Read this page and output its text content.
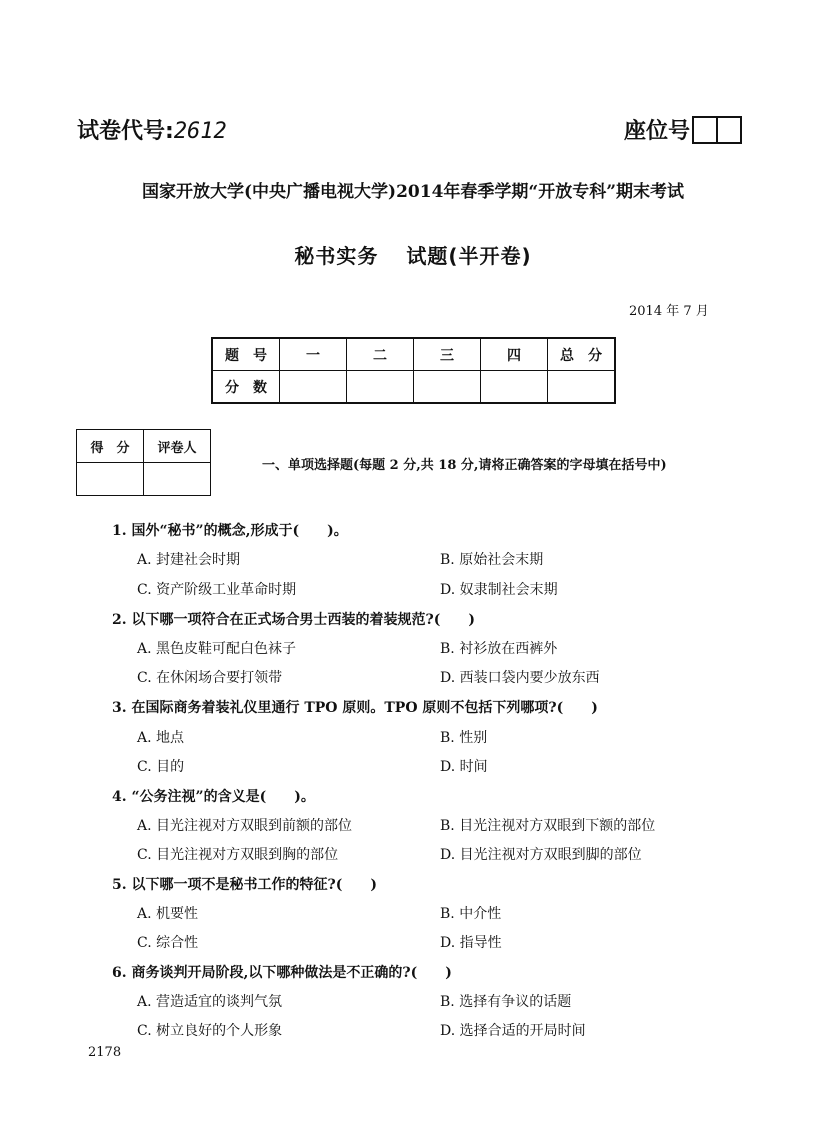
试卷代号:2612	座位号
国家开放大学(中央广播电视大学)2014年春季学期“开放专科”期末考试
秘书实务 试题(半开卷)
2014 年 7 月
题　号	一	二	三	四	总　分
分　数					
得　分	评卷人

一、单项选择题(每题 2 分,共 18 分,请将正确答案的字母填在括号中)
1. 国外“秘书”的概念,形成于(　　)。
A. 封建社会时期	B. 原始社会末期
C. 资产阶级工业革命时期	D. 奴隶制社会末期
2. 以下哪一项符合在正式场合男士西装的着装规范?(　　)
A. 黑色皮鞋可配白色袜子	B. 衬衫放在西裤外
C. 在休闲场合要打领带	D. 西装口袋内要少放东西
3. 在国际商务着装礼仪里通行 TPO 原则。TPO 原则不包括下列哪项?(　　)
A. 地点	B. 性别
C. 目的	D. 时间
4. “公务注视”的含义是(　　)。
A. 目光注视对方双眼到前额的部位	B. 目光注视对方双眼到下额的部位
C. 目光注视对方双眼到胸的部位	D. 目光注视对方双眼到脚的部位
5. 以下哪一项不是秘书工作的特征?(　　)
A. 机要性	B. 中介性
C. 综合性	D. 指导性
6. 商务谈判开局阶段,以下哪种做法是不正确的?(　　)
A. 营造适宜的谈判气氛	B. 选择有争议的话题
C. 树立良好的个人形象	D. 选择合适的开局时间
2178
